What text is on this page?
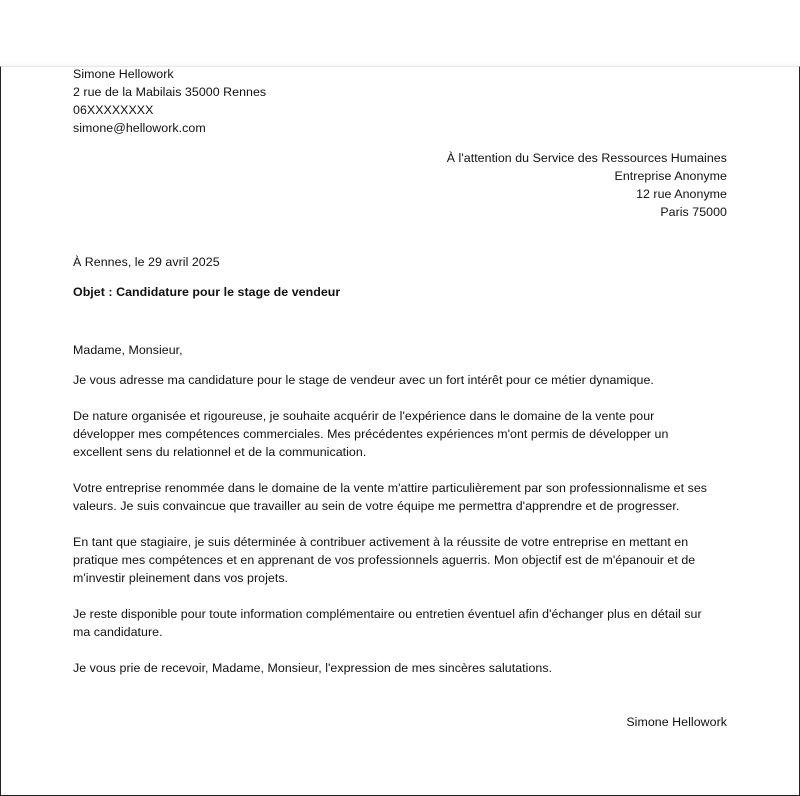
Simone Hellowork
2 rue de la Mabilais 35000 Rennes
06XXXXXXXX
simone@hellowork.com
À l'attention du Service des Ressources Humaines
Entreprise Anonyme
12 rue Anonyme
Paris 75000
À Rennes, le 29 avril 2025
Objet : Candidature pour le stage de vendeur
Madame, Monsieur,
Je vous adresse ma candidature pour le stage de vendeur avec un fort intérêt pour ce métier dynamique.
De nature organisée et rigoureuse, je souhaite acquérir de l'expérience dans le domaine de la vente pour
développer mes compétences commerciales. Mes précédentes expériences m'ont permis de développer un
excellent sens du relationnel et de la communication.
Votre entreprise renommée dans le domaine de la vente m'attire particulièrement par son professionnalisme et ses
valeurs. Je suis convaincue que travailler au sein de votre équipe me permettra d'apprendre et de progresser.
En tant que stagiaire, je suis déterminée à contribuer activement à la réussite de votre entreprise en mettant en
pratique mes compétences et en apprenant de vos professionnels aguerris. Mon objectif est de m'épanouir et de
m'investir pleinement dans vos projets.
Je reste disponible pour toute information complémentaire ou entretien éventuel afin d'échanger plus en détail sur
ma candidature.
Je vous prie de recevoir, Madame, Monsieur, l'expression de mes sincères salutations.
Simone Hellowork
